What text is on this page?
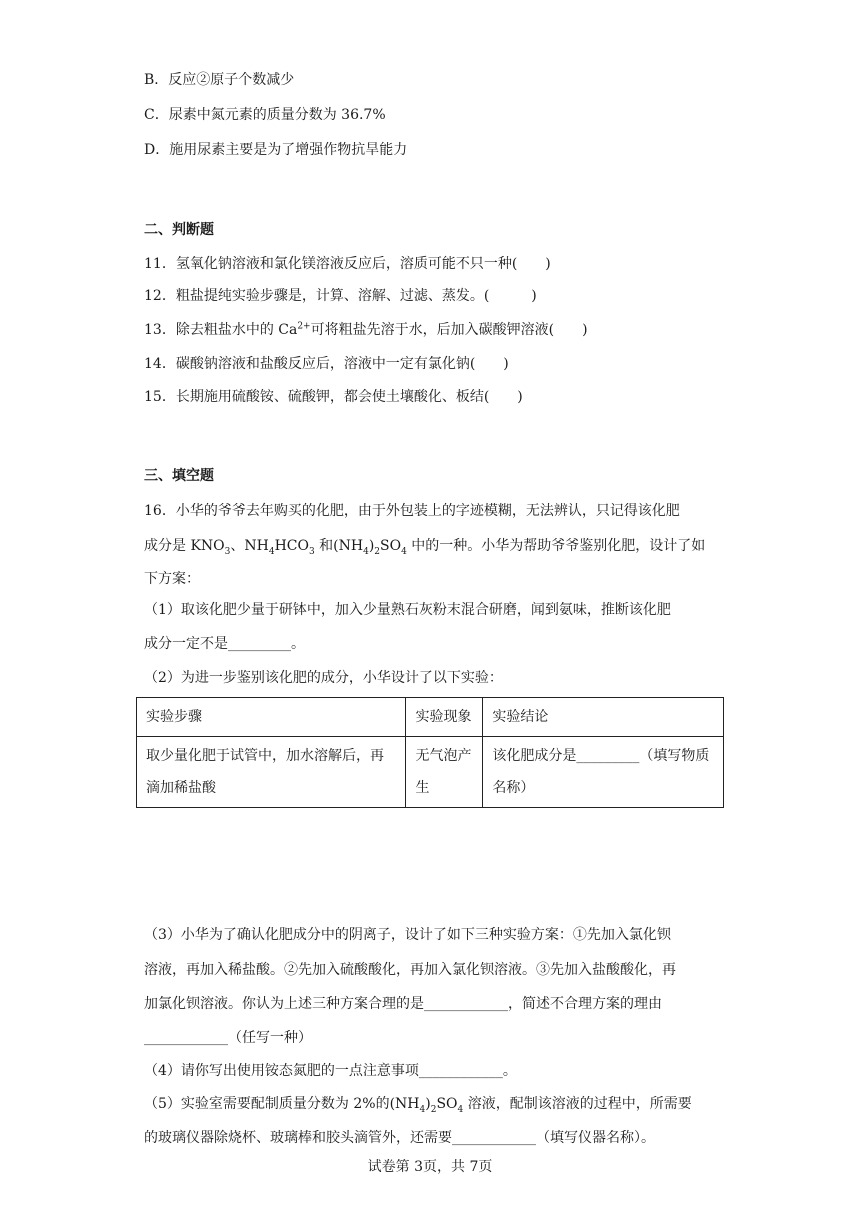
B．反应②原子个数减少
C．尿素中氮元素的质量分数为 36.7%
D．施用尿素主要是为了增强作物抗旱能力
二、判断题
11．氢氧化钠溶液和氯化镁溶液反应后，溶质可能不只一种(　　)
12．粗盐提纯实验步骤是，计算、溶解、过滤、蒸发。(　　　)
13．除去粗盐水中的 $Ca^{2+}$可将粗盐先溶于水，后加入碳酸钾溶液(　　)
14．碳酸钠溶液和盐酸反应后，溶液中一定有氯化钠(　　)
15．长期施用硫酸铵、硫酸钾，都会使土壤酸化、板结(　　)
三、填空题
16．小华的爷爷去年购买的化肥，由于外包装上的字迹模糊，无法辨认，只记得该化肥
成分是 $KNO_3$、$NH_4HCO_3$ 和$(NH_4)_2SO_4$ 中的一种。小华为帮助爷爷鉴别化肥，设计了如
下方案：
（1）取该化肥少量于研钵中，加入少量熟石灰粉末混合研磨，闻到氨味，推断该化肥
成分一定不是_________。
（2）为进一步鉴别该化肥的成分，小华设计了以下实验：
实验步骤	实验现象	实验结论
取少量化肥于试管中，加水溶解后，再滴加稀盐酸	无气泡产生	该化肥成分是_________（填写物质名称）
（3）小华为了确认化肥成分中的阴离子，设计了如下三种实验方案：①先加入氯化钡
溶液，再加入稀盐酸。②先加入硫酸酸化，再加入氯化钡溶液。③先加入盐酸酸化，再
加氯化钡溶液。你认为上述三种方案合理的是____________，简述不合理方案的理由
____________（任写一种）
（4）请你写出使用铵态氮肥的一点注意事项____________。
（5）实验室需要配制质量分数为 2%的$(NH_4)_2SO_4$ 溶液，配制该溶液的过程中，所需要
的玻璃仪器除烧杯、玻璃棒和胶头滴管外，还需要____________（填写仪器名称）。
试卷第 3页，共 7页
